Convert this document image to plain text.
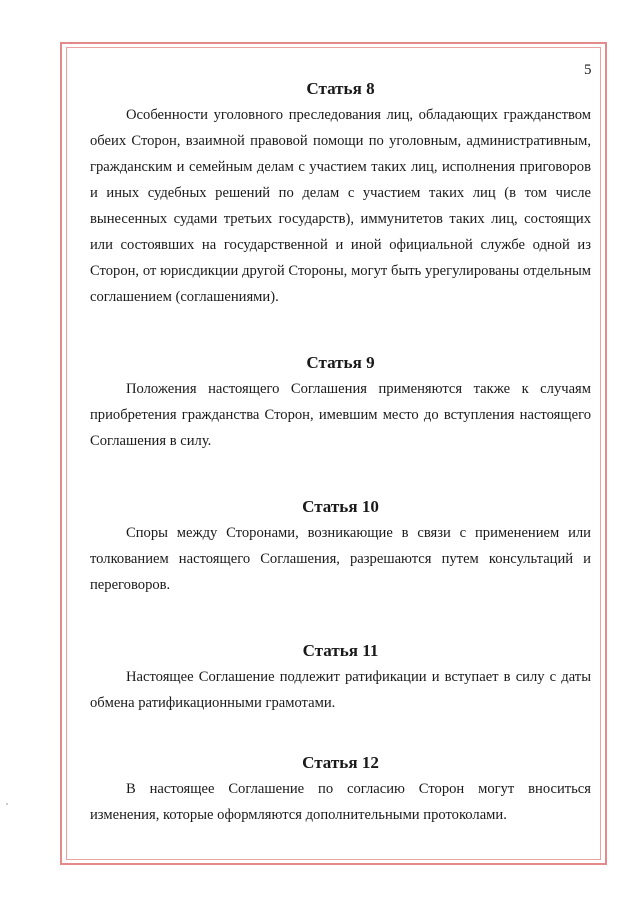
5
Статья 8

Особенности уголовного преследования лиц, обладающих гражданством обеих Сторон, взаимной правовой помощи по уголовным, административным, гражданским и семейным делам с участием таких лиц, исполнения приговоров и иных судебных решений по делам с участием таких лиц (в том числе вынесенных судами третьих государств), иммунитетов таких лиц, состоящих или состоявших на государственной и иной официальной службе одной из Сторон, от юрисдикции другой Стороны, могут быть урегулированы отдельным соглашением (соглашениями).

Статья 9

Положения настоящего Соглашения применяются также к случаям приобретения гражданства Сторон, имевшим место до вступления настоящего Соглашения в силу.

Статья 10

Споры между Сторонами, возникающие в связи с применением или толкованием настоящего Соглашения, разрешаются путем консультаций и переговоров.

Статья 11

Настоящее Соглашение подлежит ратификации и вступает в силу с даты обмена ратификационными грамотами.

Статья 12

В настоящее Соглашение по согласию Сторон могут вноситься изменения, которые оформляются дополнительными протоколами.
